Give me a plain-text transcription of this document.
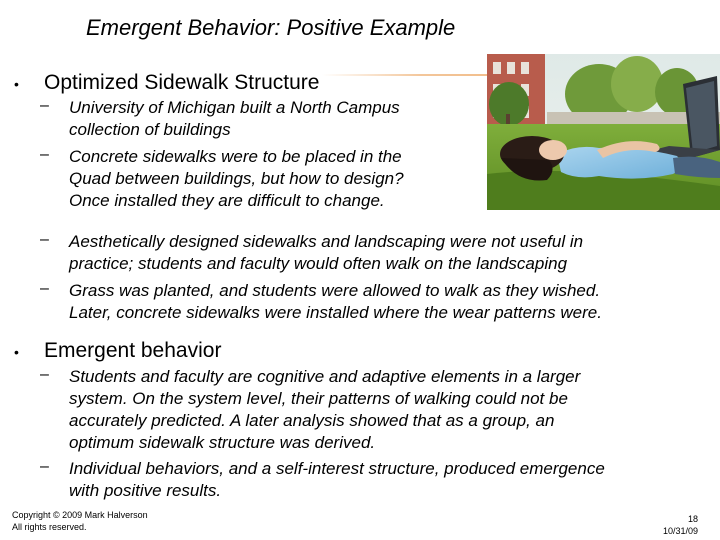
Emergent Behavior: Positive Example
• Optimized Sidewalk Structure
– University of Michigan built a North Campus
collection of buildings
– Concrete sidewalks were to be placed in the
Quad between buildings, but how to design?
Once installed they are difficult to change.
– Aesthetically designed sidewalks and landscaping were not useful in
practice; students and faculty would often walk on the landscaping
– Grass was planted, and students were allowed to walk as they wished.
Later, concrete sidewalks were installed where the wear patterns were.
• Emergent behavior
– Students and faculty are cognitive and adaptive elements in a larger
system. On the system level, their patterns of walking could not be
accurately predicted. A later analysis showed that as a group, an
optimum sidewalk structure was derived.
– Individual behaviors, and a self-interest structure, produced emergence
with positive results.
Copyright © 2009 Mark Halverson
All rights reserved.
18
10/31/09
